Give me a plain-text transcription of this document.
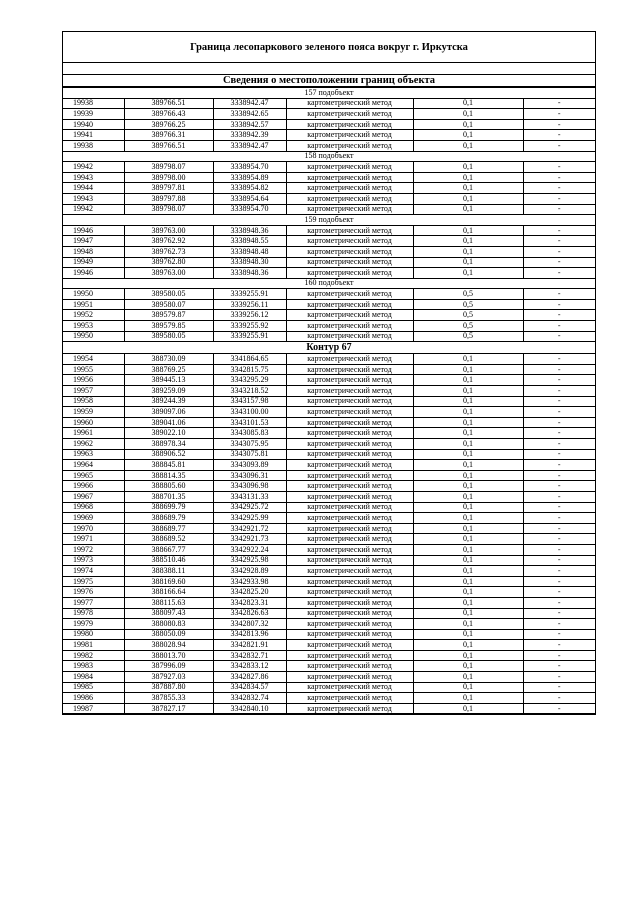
Граница лесопаркового зеленого пояса вокруг г. Иркутска
Сведения о местоположении границ объекта
157 подобъект					
19938	389766.51	3338942.47	картометрический метод	0,1	-
19939	389766.43	3338942.65	картометрический метод	0,1	-
19940	389766.25	3338942.57	картометрический метод	0,1	-
19941	389766.31	3338942.39	картометрический метод	0,1	-
19938	389766.51	3338942.47	картометрический метод	0,1	-
158 подобъект					
19942	389798.07	3338954.70	картометрический метод	0,1	-
19943	389798.00	3338954.89	картометрический метод	0,1	-
19944	389797.81	3338954.82	картометрический метод	0,1	-
19943	389797.88	3338954.64	картометрический метод	0,1	-
19942	389798.07	3338954.70	картометрический метод	0,1	-
159 подобъект					
19946	389763.00	3338948.36	картометрический метод	0,1	-
19947	389762.92	3338948.55	картометрический метод	0,1	-
19948	389762.73	3338948.48	картометрический метод	0,1	-
19949	389762.80	3338948.30	картометрический метод	0,1	-
19946	389763.00	3338948.36	картометрический метод	0,1	-
160 подобъект					
19950	389580.05	3339255.91	картометрический метод	0,5	-
19951	389580.07	3339256.11	картометрический метод	0,5	-
19952	389579.87	3339256.12	картометрический метод	0,5	-
19953	389579.85	3339255.92	картометрический метод	0,5	-
19950	389580.05	3339255.91	картометрический метод	0,5	-
Контур 67					
19954	388730.09	3341864.65	картометрический метод	0,1	-
19955	388769.25	3342815.75	картометрический метод	0,1	-
19956	389445.13	3343295.29	картометрический метод	0,1	-
19957	389259.09	3343218.52	картометрический метод	0,1	-
19958	389244.39	3343157.98	картометрический метод	0,1	-
19959	389097.06	3343100.00	картометрический метод	0,1	-
19960	389041.06	3343101.53	картометрический метод	0,1	-
19961	389022.10	3343085.83	картометрический метод	0,1	-
19962	388978.34	3343075.95	картометрический метод	0,1	-
19963	388906.52	3343075.81	картометрический метод	0,1	-
19964	388845.81	3343093.89	картометрический метод	0,1	-
19965	388814.35	3343096.31	картометрический метод	0,1	-
19966	388805.60	3343096.98	картометрический метод	0,1	-
19967	388701.35	3343131.33	картометрический метод	0,1	-
19968	388699.79	3342925.72	картометрический метод	0,1	-
19969	388689.79	3342925.99	картометрический метод	0,1	-
19970	388689.77	3342921.72	картометрический метод	0,1	-
19971	388689.52	3342921.73	картометрический метод	0,1	-
19972	388667.77	3342922.24	картометрический метод	0,1	-
19973	388510.46	3342925.98	картометрический метод	0,1	-
19974	388388.11	3342928.89	картометрический метод	0,1	-
19975	388169.60	3342933.98	картометрический метод	0,1	-
19976	388166.64	3342825.20	картометрический метод	0,1	-
19977	388115.63	3342823.31	картометрический метод	0,1	-
19978	388097.43	3342826.63	картометрический метод	0,1	-
19979	388080.83	3342807.32	картометрический метод	0,1	-
19980	388050.09	3342813.96	картометрический метод	0,1	-
19981	388028.94	3342821.91	картометрический метод	0,1	-
19982	388013.70	3342832.71	картометрический метод	0,1	-
19983	387996.09	3342833.12	картометрический метод	0,1	-
19984	387927.03	3342827.86	картометрический метод	0,1	-
19985	387887.80	3342834.57	картометрический метод	0,1	-
19986	387855.33	3342832.74	картометрический метод	0,1	-
19987	387827.17	3342840.10	картометрический метод	0,1	-
